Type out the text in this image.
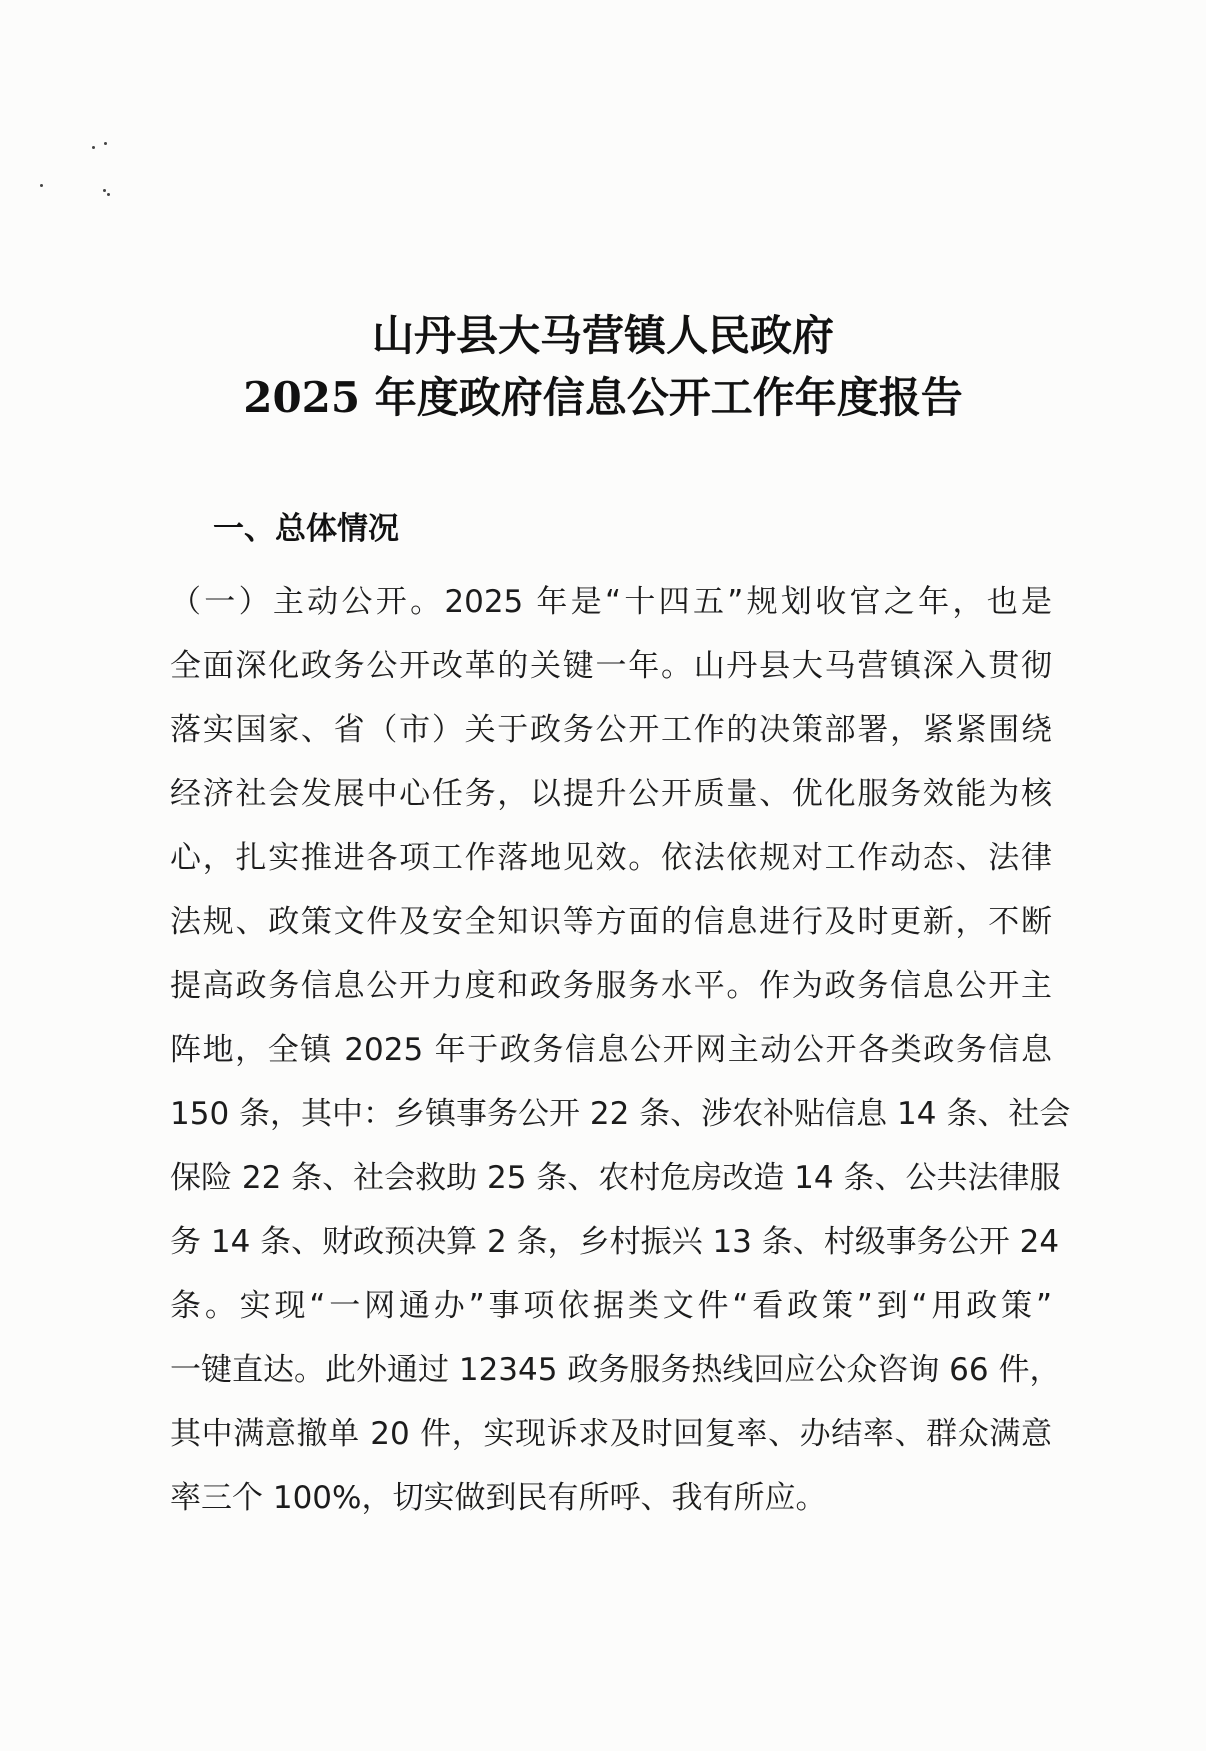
山丹县大马营镇人民政府
2025 年度政府信息公开工作年度报告
一、总体情况
（一）主动公开。2025 年是“十四五”规划收官之年，也是
全面深化政务公开改革的关键一年。山丹县大马营镇深入贯彻
落实国家、省（市）关于政务公开工作的决策部署，紧紧围绕
经济社会发展中心任务，以提升公开质量、优化服务效能为核
心，扎实推进各项工作落地见效。依法依规对工作动态、法律
法规、政策文件及安全知识等方面的信息进行及时更新，不断
提高政务信息公开力度和政务服务水平。作为政务信息公开主
阵地，全镇 2025 年于政务信息公开网主动公开各类政务信息
150 条，其中：乡镇事务公开 22 条、涉农补贴信息 14 条、社会
保险 22 条、社会救助 25 条、农村危房改造 14 条、公共法律服
务 14 条、财政预决算 2 条，乡村振兴 13 条、村级事务公开 24
条。实现“一网通办”事项依据类文件“看政策”到“用政策”
一键直达。此外通过 12345 政务服务热线回应公众咨询 66 件，
其中满意撤单 20 件，实现诉求及时回复率、办结率、群众满意
率三个 100%，切实做到民有所呼、我有所应。
